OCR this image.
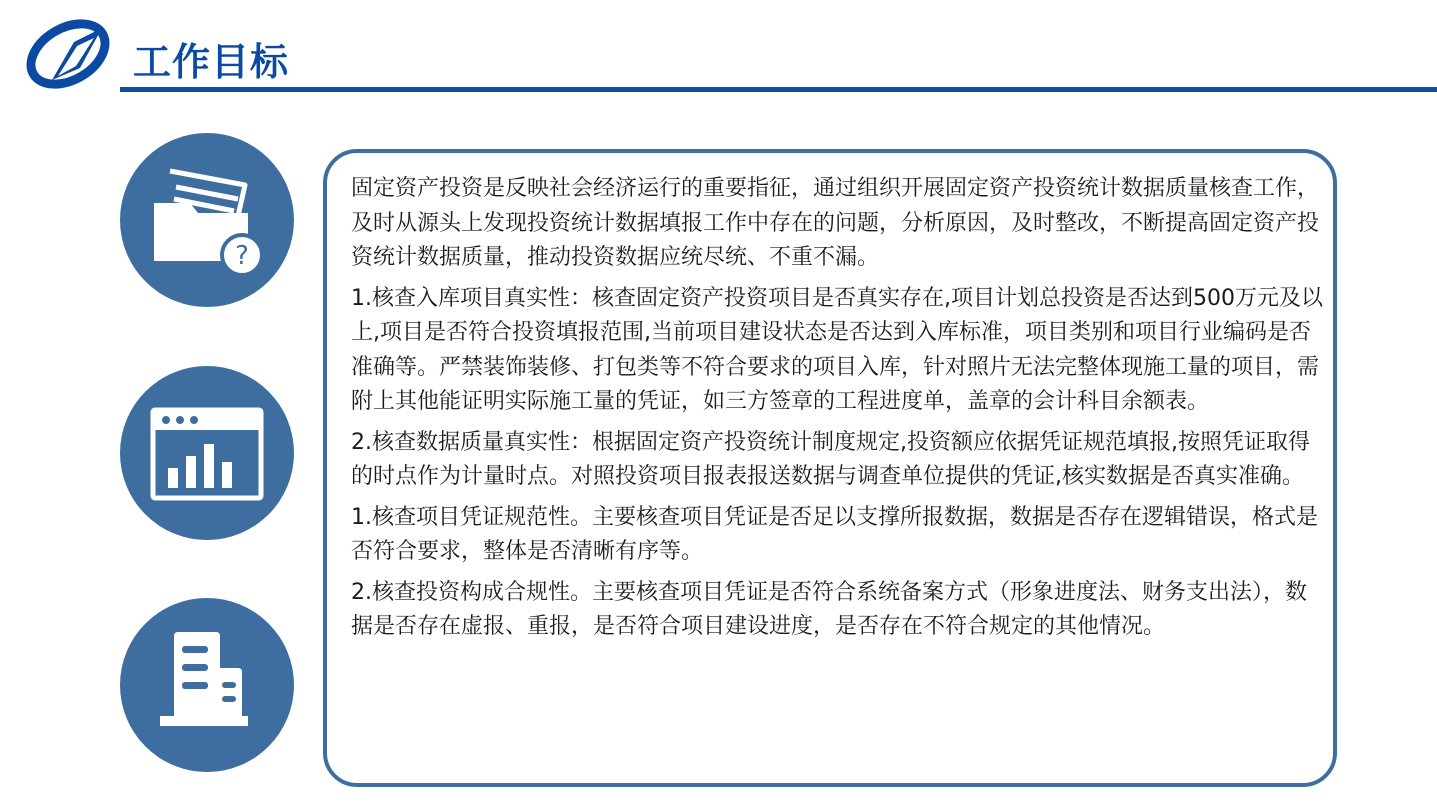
工作目标
?

固定资产投资是反映社会经济运行的重要指征，通过组织开展固定资产投资统计数据质量核查工作，及时从源头上发现投资统计数据填报工作中存在的问题，分析原因，及时整改，不断提高固定资产投资统计数据质量，推动投资数据应统尽统、不重不漏。

1.核查入库项目真实性：核查固定资产投资项目是否真实存在,项目计划总投资是否达到500万元及以上,项目是否符合投资填报范围,当前项目建设状态是否达到入库标准，项目类别和项目行业编码是否准确等。严禁装饰装修、打包类等不符合要求的项目入库，针对照片无法完整体现施工量的项目，需附上其他能证明实际施工量的凭证，如三方签章的工程进度单，盖章的会计科目余额表。

2.核查数据质量真实性：根据固定资产投资统计制度规定,投资额应依据凭证规范填报,按照凭证取得的时点作为计量时点。对照投资项目报表报送数据与调查单位提供的凭证,核实数据是否真实准确。

1.核查项目凭证规范性。主要核查项目凭证是否足以支撑所报数据，数据是否存在逻辑错误，格式是否符合要求，整体是否清晰有序等。

2.核查投资构成合规性。主要核查项目凭证是否符合系统备案方式（形象进度法、财务支出法），数据是否存在虚报、重报，是否符合项目建设进度，是否存在不符合规定的其他情况。
